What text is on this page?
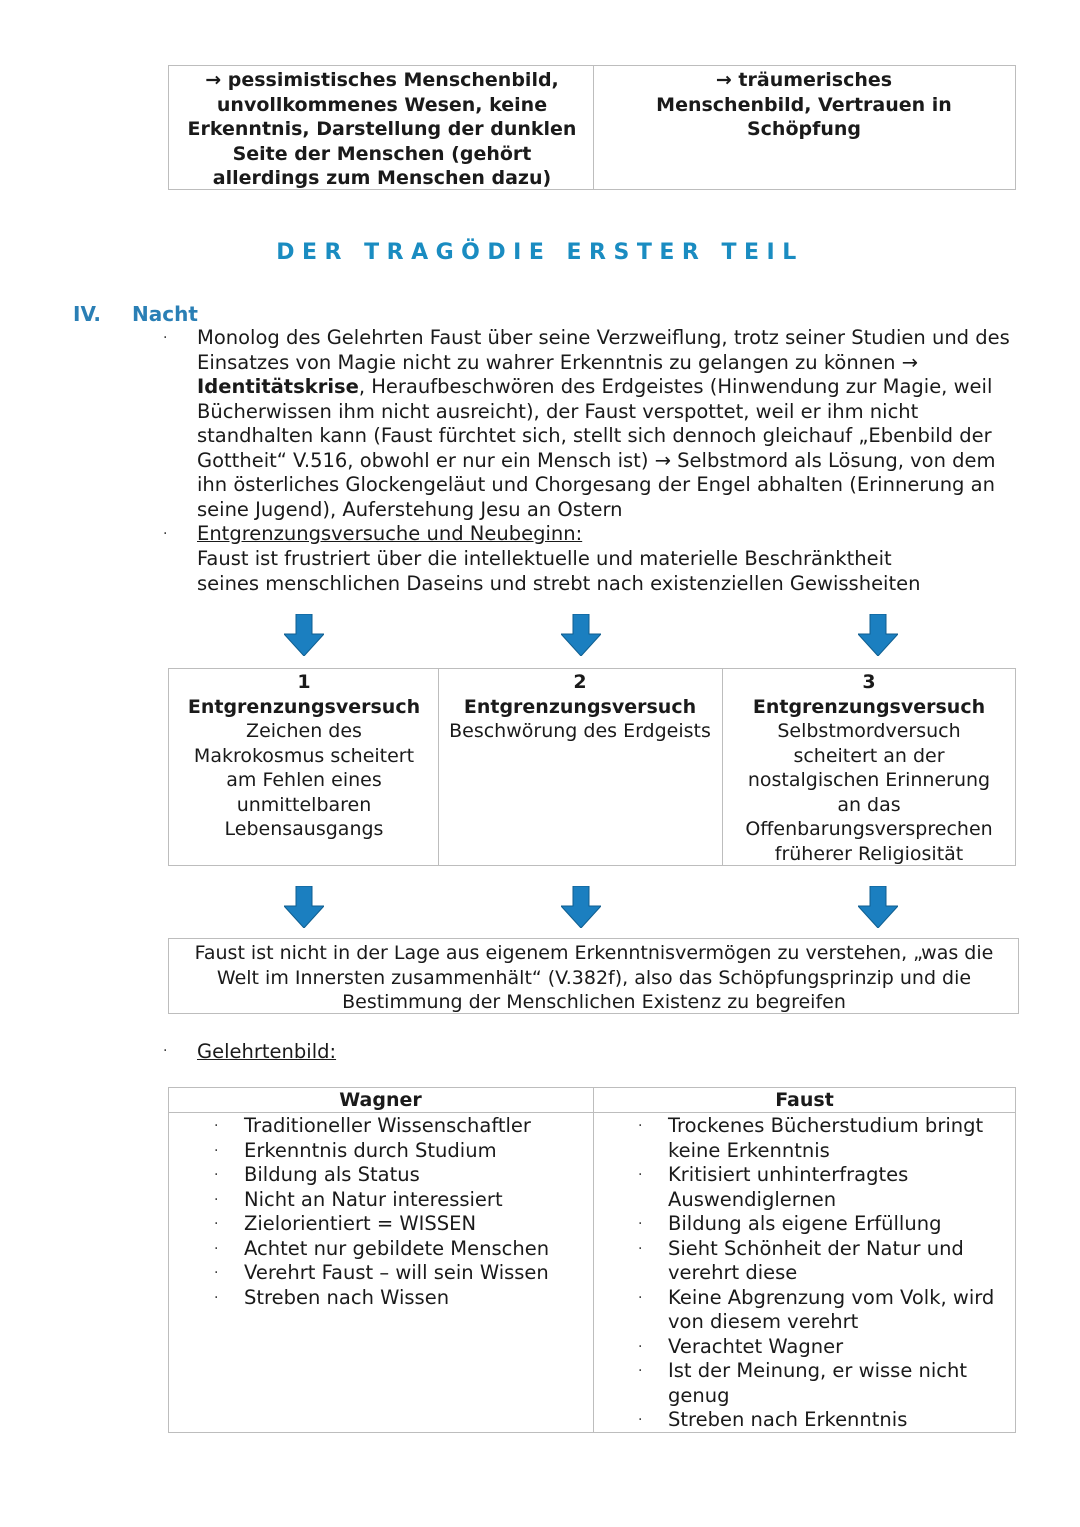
→ pessimistisches Menschenbild, unvollkommenes Wesen, keine Erkenntnis, Darstellung der dunklen Seite der Menschen (gehört allerdings zum Menschen dazu)
→ träumerisches Menschenbild, Vertrauen in Schöpfung
DER TRAGÖDIE ERSTER TEIL
IV. Nacht
· Monolog des Gelehrten Faust über seine Verzweiflung, trotz seiner Studien und des Einsatzes von Magie nicht zu wahrer Erkenntnis zu gelangen zu können → Identitätskrise, Heraufbeschwören des Erdgeistes (Hinwendung zur Magie, weil Bücherwissen ihm nicht ausreicht), der Faust verspottet, weil er ihm nicht standhalten kann (Faust fürchtet sich, stellt sich dennoch gleichauf „Ebenbild der Gottheit“ V.516, obwohl er nur ein Mensch ist) → Selbstmord als Lösung, von dem ihn österliches Glockengeläut und Chorgesang der Engel abhalten (Erinnerung an seine Jugend), Auferstehung Jesu an Ostern
· Entgrenzungsversuche und Neubeginn:
Faust ist frustriert über die intellektuelle und materielle Beschränktheit seines menschlichen Daseins und strebt nach existenziellen Gewissheiten
1
Entgrenzungsversuch
Zeichen des Makrokosmus scheitert am Fehlen eines unmittelbaren Lebensausgangs
2
Entgrenzungsversuch
Beschwörung des Erdgeists
3
Entgrenzungsversuch
Selbstmordversuch scheitert an der nostalgischen Erinnerung an das Offenbarungsversprechen früherer Religiosität
Faust ist nicht in der Lage aus eigenem Erkenntnisvermögen zu verstehen, „was die Welt im Innersten zusammenhält“ (V.382f), also das Schöpfungsprinzip und die Bestimmung der Menschlichen Existenz zu begreifen
· Gelehrtenbild:
Wagner	Faust
· Traditioneller Wissenschaftler
· Erkenntnis durch Studium
· Bildung als Status
· Nicht an Natur interessiert
· Zielorientiert = WISSEN
· Achtet nur gebildete Menschen
· Verehrt Faust – will sein Wissen
· Streben nach Wissen
· Trockenes Bücherstudium bringt keine Erkenntnis
· Kritisiert unhinterfragtes Auswendiglernen
· Bildung als eigene Erfüllung
· Sieht Schönheit der Natur und verehrt diese
· Keine Abgrenzung vom Volk, wird von diesem verehrt
· Verachtet Wagner
· Ist der Meinung, er wisse nicht genug
· Streben nach Erkenntnis
